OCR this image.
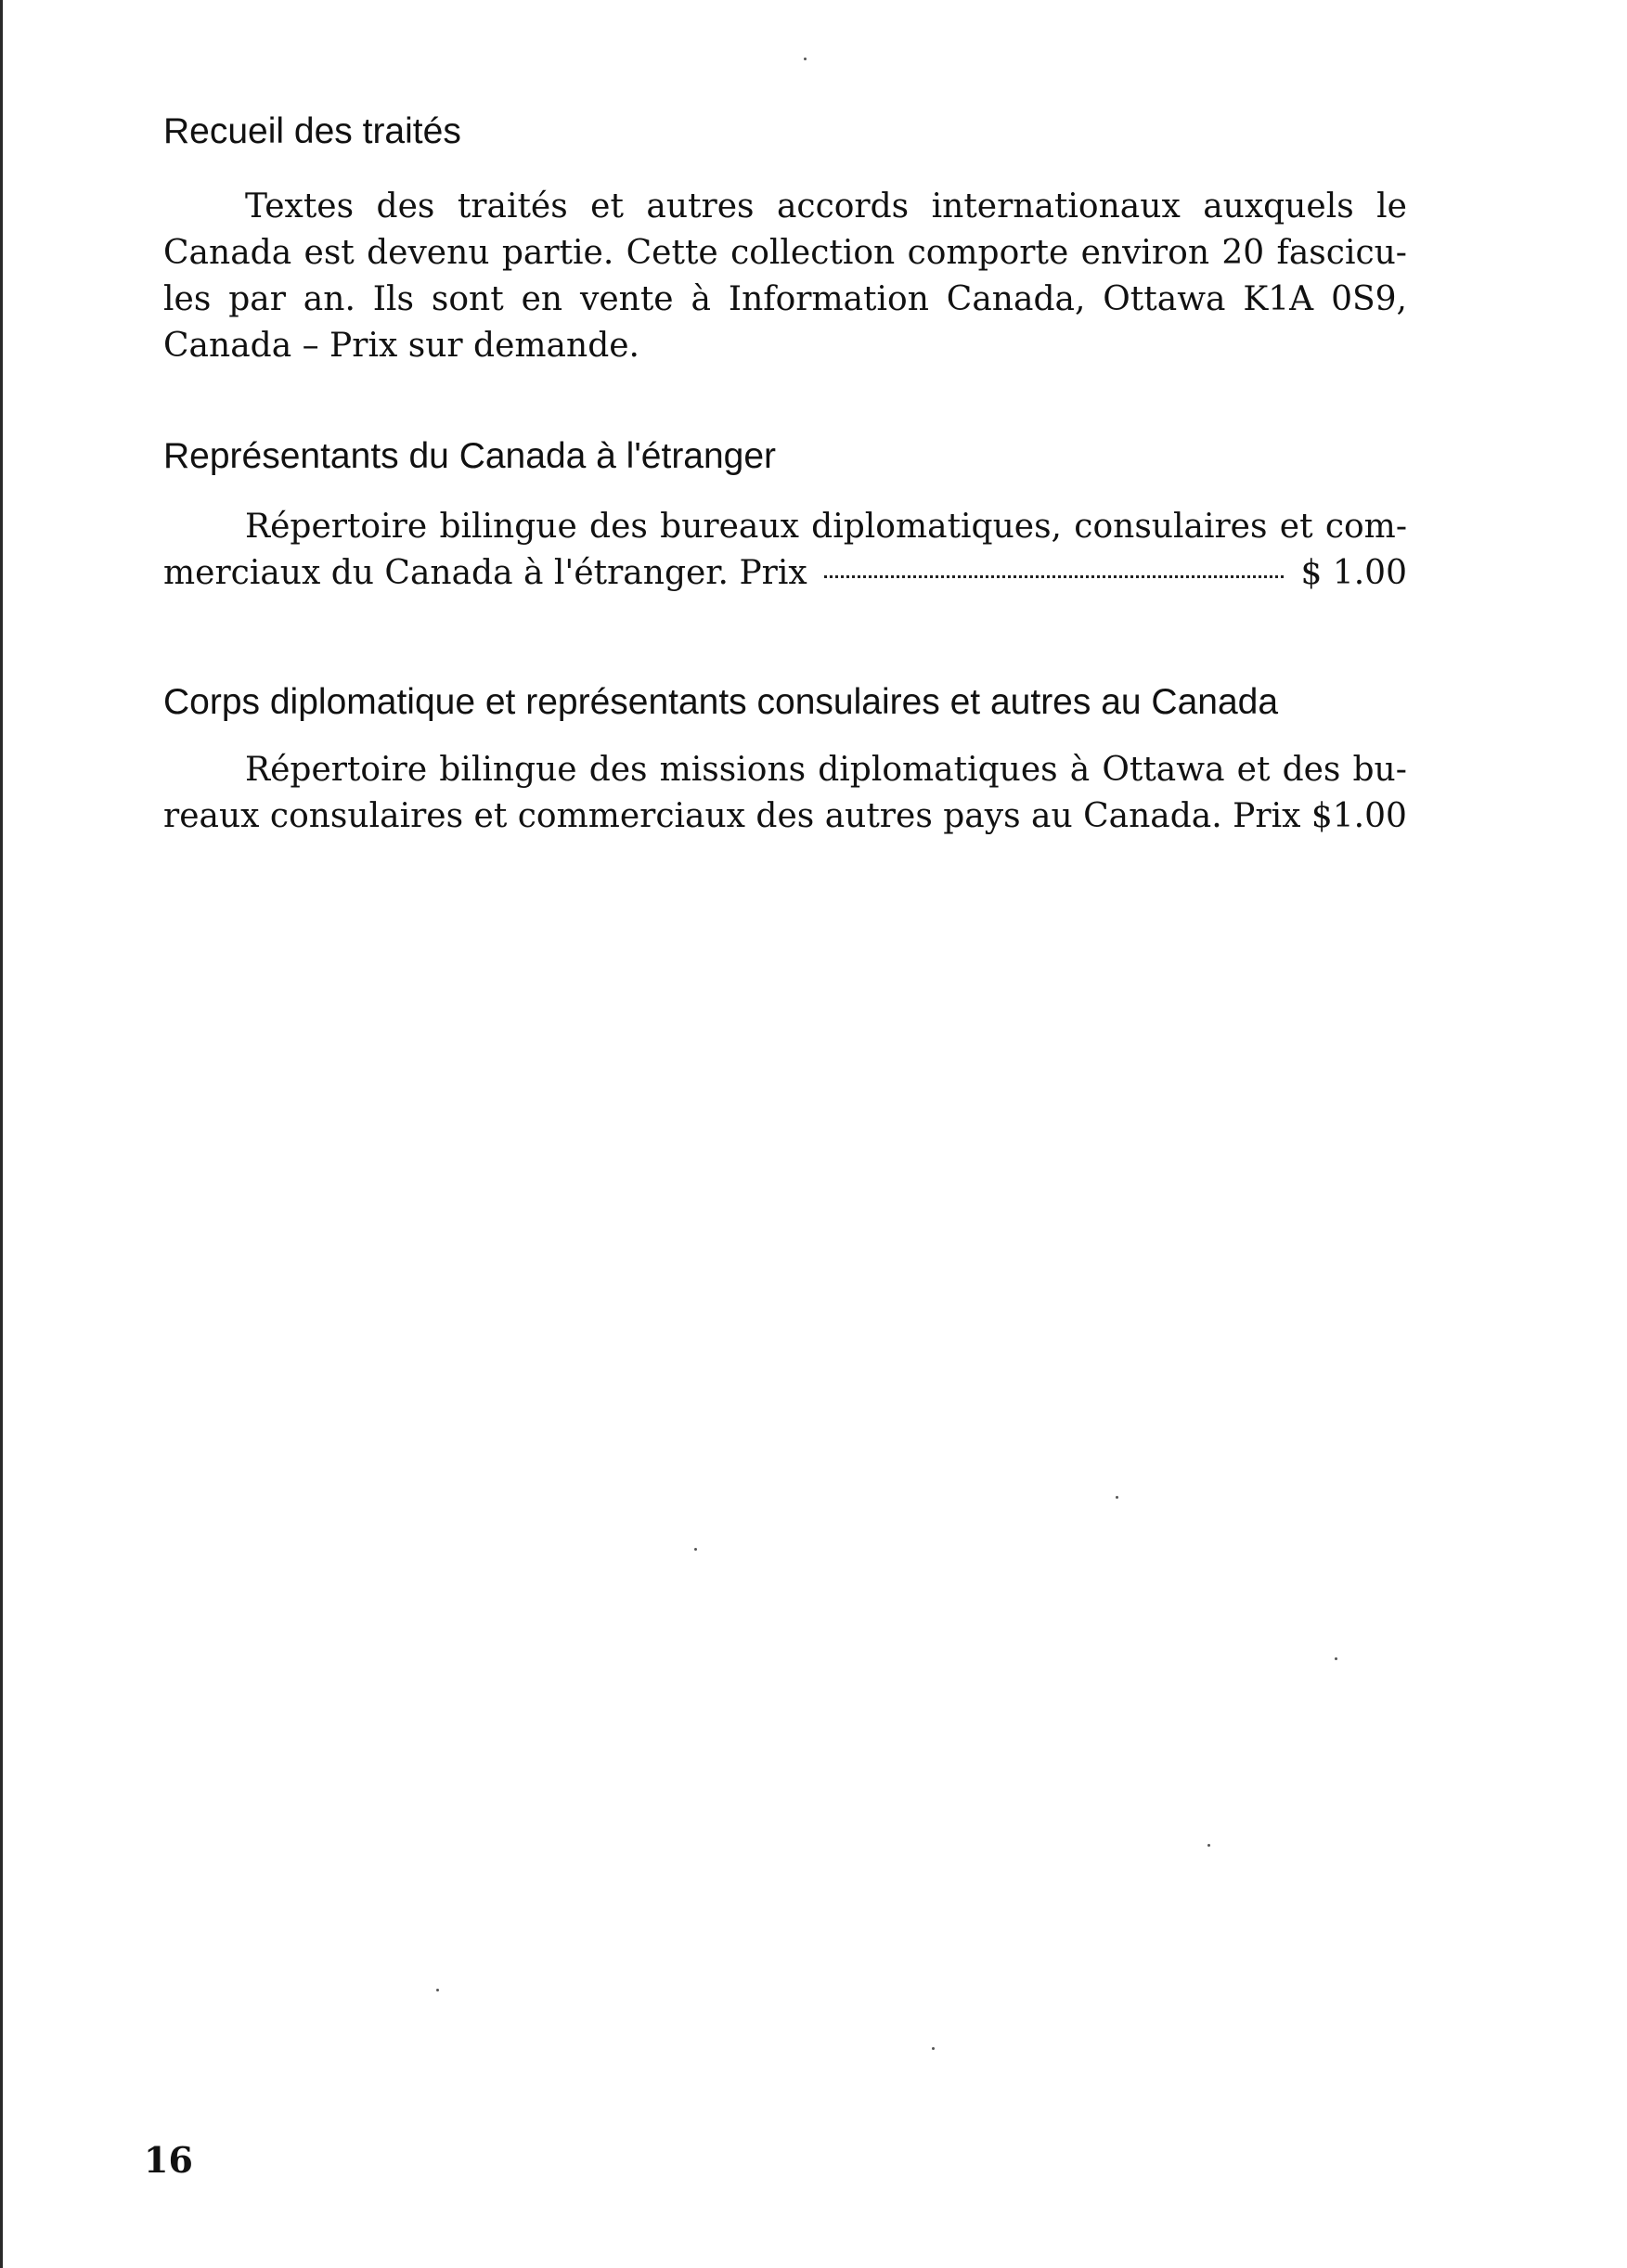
Recueil des traités
Textes des traités et autres accords internationaux auxquels le
Canada est devenu partie. Cette collection comporte environ 20 fascicu-
les par an. Ils sont en vente à Information Canada, Ottawa K1A 0S9,
Canada – Prix sur demande.
Représentants du Canada à l'étranger
Répertoire bilingue des bureaux diplomatiques, consulaires et com-
merciaux du Canada à l'étranger. Prix	$ 1.00
Corps diplomatique et représentants consulaires et autres au Canada
Répertoire bilingue des missions diplomatiques à Ottawa et des bu-
reaux consulaires et commerciaux des autres pays au Canada. Prix $1.00
16
